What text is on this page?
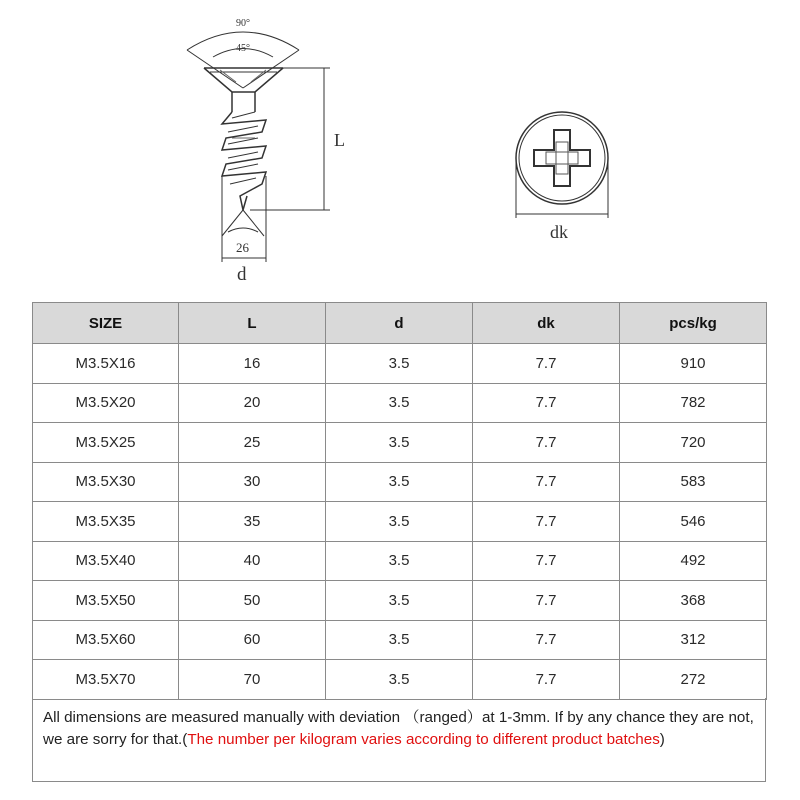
90°
45°
L
26
d
dk
SIZE	L	d	dk	pcs/kg
M3.5X16	16	3.5	7.7	910
M3.5X20	20	3.5	7.7	782
M3.5X25	25	3.5	7.7	720
M3.5X30	30	3.5	7.7	583
M3.5X35	35	3.5	7.7	546
M3.5X40	40	3.5	7.7	492
M3.5X50	50	3.5	7.7	368
M3.5X60	60	3.5	7.7	312
M3.5X70	70	3.5	7.7	272
All dimensions are measured manually with deviation （ranged）at 1-3mm. If by any chance they are not, we are sorry for that.(The number per kilogram varies according to different product batches)
